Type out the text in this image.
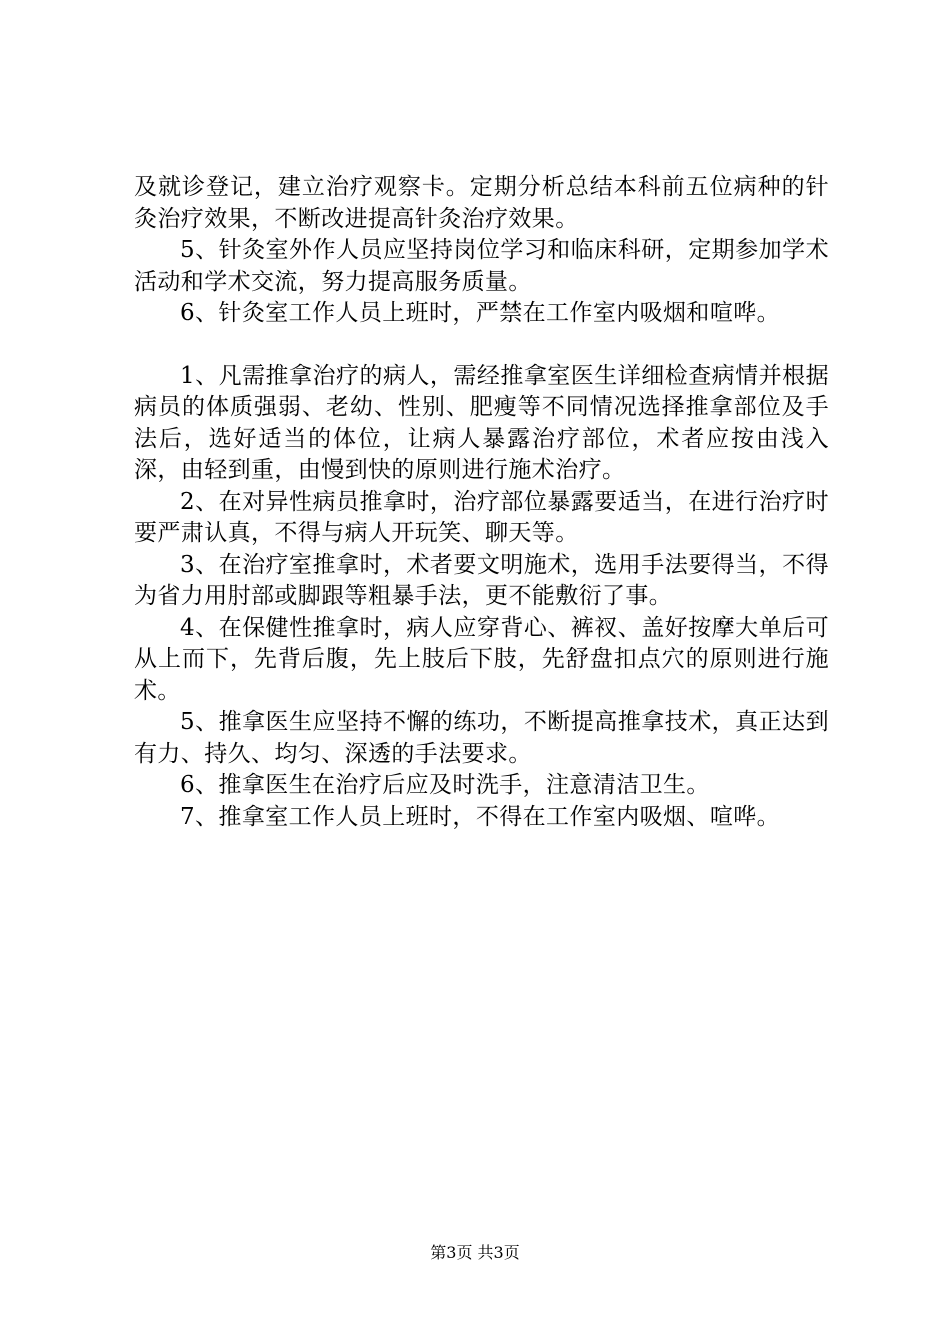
及就诊登记，建立治疗观察卡。定期分析总结本科前五位病种的针灸治疗效果，不断改进提高针灸治疗效果。

5、针灸室外作人员应坚持岗位学习和临床科研，定期参加学术活动和学术交流，努力提高服务质量。

6、针灸室工作人员上班时，严禁在工作室内吸烟和喧哗。

1、凡需推拿治疗的病人，需经推拿室医生详细检查病情并根据病员的体质强弱、老幼、性别、肥瘦等不同情况选择推拿部位及手法后，选好适当的体位，让病人暴露治疗部位，术者应按由浅入深，由轻到重，由慢到快的原则进行施术治疗。

2、在对异性病员推拿时，治疗部位暴露要适当，在进行治疗时要严肃认真，不得与病人开玩笑、聊天等。

3、在治疗室推拿时，术者要文明施术，选用手法要得当，不得为省力用肘部或脚跟等粗暴手法，更不能敷衍了事。

4、在保健性推拿时，病人应穿背心、裤衩、盖好按摩大单后可从上而下，先背后腹，先上肢后下肢，先舒盘扣点穴的原则进行施术。

5、推拿医生应坚持不懈的练功，不断提高推拿技术，真正达到有力、持久、均匀、深透的手法要求。

6、推拿医生在治疗后应及时洗手，注意清洁卫生。

7、推拿室工作人员上班时，不得在工作室内吸烟、喧哗。

第3页 共3页
